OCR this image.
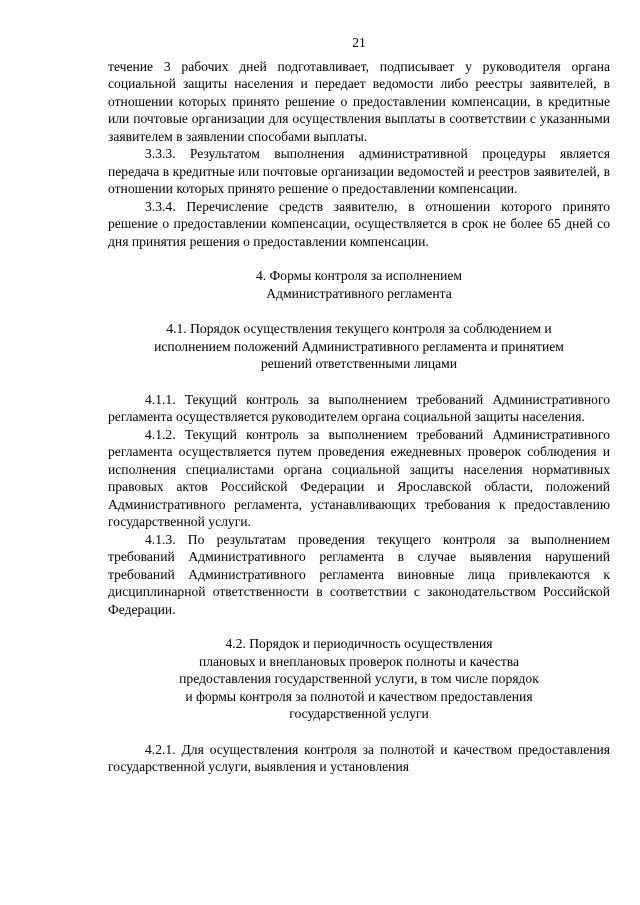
21

течение 3 рабочих дней подготавливает, подписывает у руководителя органа социальной защиты населения и передает ведомости либо реестры заявителей, в отношении которых принято решение о предоставлении компенсации, в кредитные или почтовые организации для осуществления выплаты в соответствии с указанными заявителем в заявлении способами выплаты.

3.3.3. Результатом выполнения административной процедуры является передача в кредитные или почтовые организации ведомостей и реестров заявителей, в отношении которых принято решение о предоставлении компенсации.

3.3.4. Перечисление средств заявителю, в отношении которого принято решение о предоставлении компенсации, осуществляется в срок не более 65 дней со дня принятия решения о предоставлении компенсации.

4. Формы контроля за исполнением
Административного регламента
4.1. Порядок осуществления текущего контроля за соблюдением и
исполнением положений Административного регламента и принятием
решений ответственными лицами

4.1.1. Текущий контроль за выполнением требований Административного регламента осуществляется руководителем органа социальной защиты населения.

4.1.2. Текущий контроль за выполнением требований Административного регламента осуществляется путем проведения ежедневных проверок соблюдения и исполнения специалистами органа социальной защиты населения нормативных правовых актов Российской Федерации и Ярославской области, положений Административного регламента, устанавливающих требования к предоставлению государственной услуги.

4.1.3. По результатам проведения текущего контроля за выполнением требований Административного регламента в случае выявления нарушений требований Административного регламента виновные лица привлекаются к дисциплинарной ответственности в соответствии с законодательством Российской Федерации.

4.2. Порядок и периодичность осуществления
плановых и внеплановых проверок полноты и качества
предоставления государственной услуги, в том числе порядок
и формы контроля за полнотой и качеством предоставления
государственной услуги

4.2.1. Для осуществления контроля за полнотой и качеством предоставления государственной услуги, выявления и установления
